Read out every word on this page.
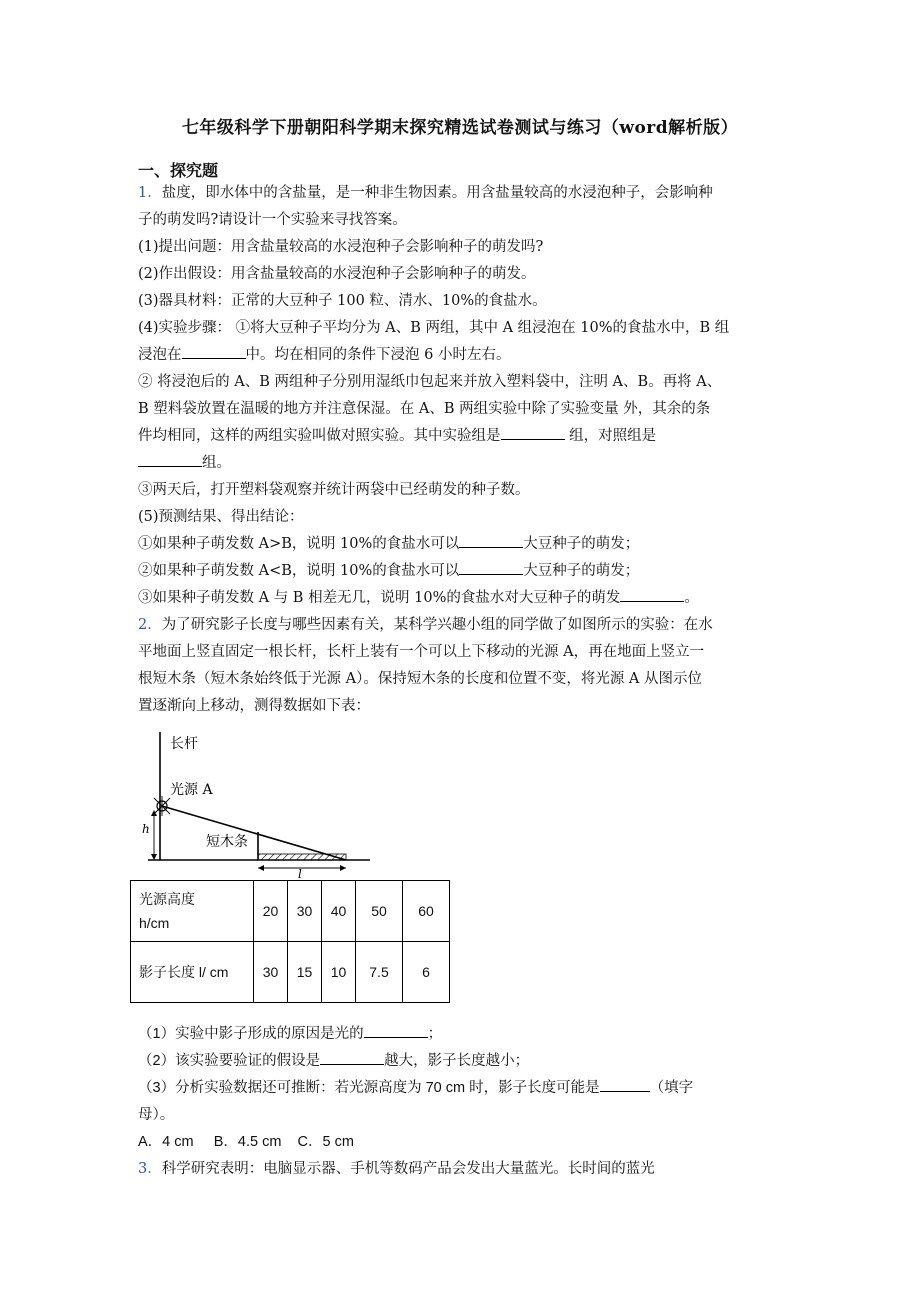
七年级科学下册朝阳科学期末探究精选试卷测试与练习（word解析版）
一、探究题

1．盐度，即水体中的含盐量，是一种非生物因素。用含盐量较高的水浸泡种子，会影响种

子的萌发吗?请设计一个实验来寻找答案。

(1)提出问题：用含盐量较高的水浸泡种子会影响种子的萌发吗?

(2)作出假设：用含盐量较高的水浸泡种子会影响种子的萌发。

(3)器具材料：正常的大豆种子 100 粒、清水、10%的食盐水。

(4)实验步骤： ①将大豆种子平均分为 A、B 两组，其中 A 组浸泡在 10%的食盐水中，B 组

浸泡在	中。均在相同的条件下浸泡 6 小时左右。

② 将浸泡后的 A、B 两组种子分别用湿纸巾包起来并放入塑料袋中，注明 A、B。再将 A、

B 塑料袋放置在温暖的地方并注意保湿。在 A、B 两组实验中除了实验变量 外，其余的条

件均相同，这样的两组实验叫做对照实验。其中实验组是	组，对照组是

组。

③两天后，打开塑料袋观察并统计两袋中已经萌发的种子数。

(5)预测结果、得出结论：

①如果种子萌发数 A>B，说明 10%的食盐水可以	大豆种子的萌发；

②如果种子萌发数 A<B，说明 10%的食盐水可以	大豆种子的萌发；

③如果种子萌发数 A 与 B 相差无几，说明 10%的食盐水对大豆种子的萌发	。

2．为了研究影子长度与哪些因素有关，某科学兴趣小组的同学做了如图所示的实验：在水

平地面上竖直固定一根长杆，长杆上装有一个可以上下移动的光源 A，再在地面上竖立一

根短木条（短木条始终低于光源 A）。保持短木条的长度和位置不变，将光源 A 从图示位

置逐渐向上移动，测得数据如下表：

长杆
光源 A
h
短木条
l
光源高度
h/cm	20	30	40	50	60
影子长度 l/ cm	30	15	10	7.5	6

（1）实验中影子形成的原因是光的	；

（2）该实验要验证的假设是	越大，影子长度越小；

（3）分析实验数据还可推断：若光源高度为 70 cm 时，影子长度可能是	（填字

母）。

A．4 cm     B．4.5 cm    C．5 cm

3．科学研究表明：电脑显示器、手机等数码产品会发出大量蓝光。长时间的蓝光
